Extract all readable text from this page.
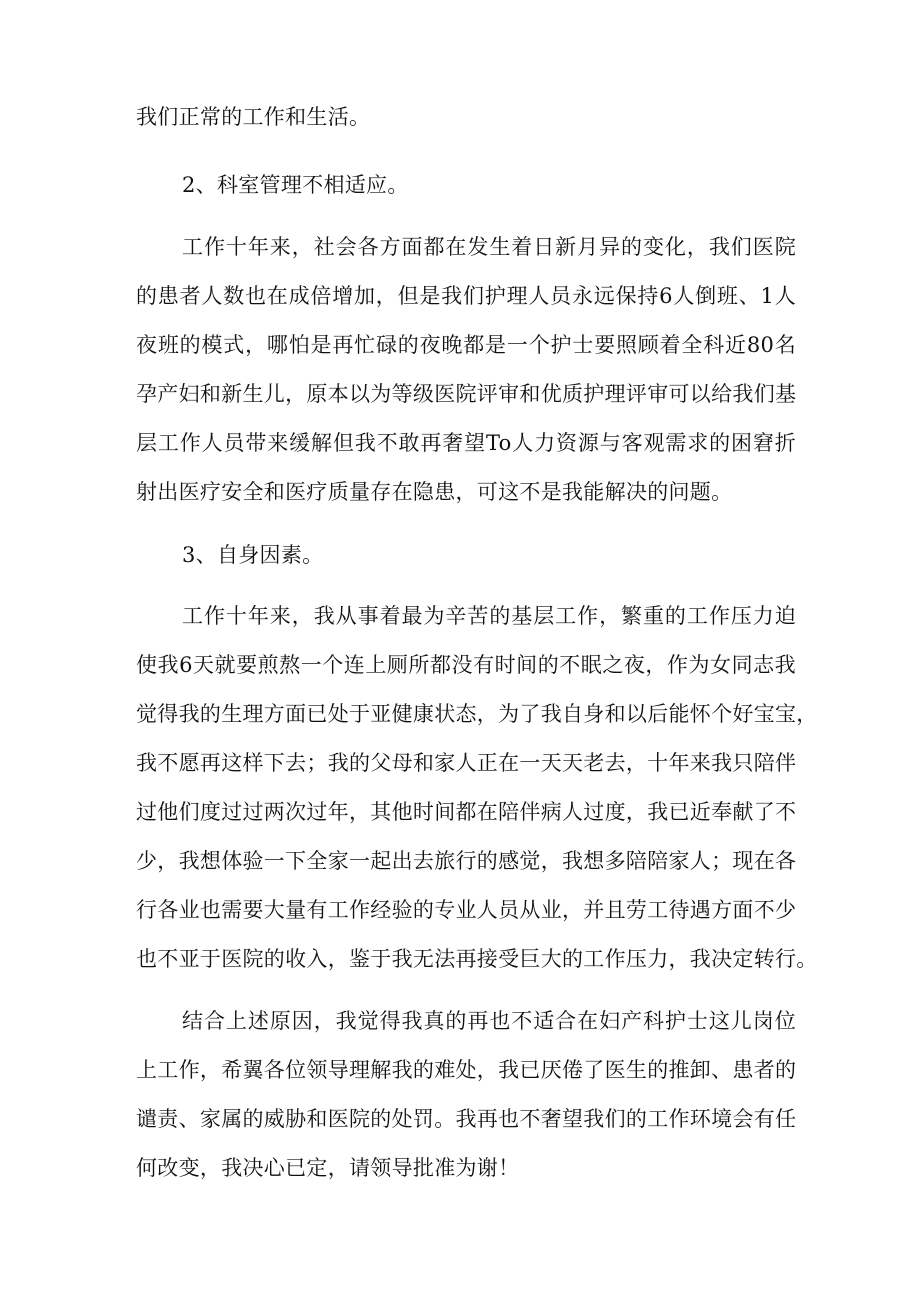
我们正常的工作和生活。
2、科室管理不相适应。
工作十年来，社会各方面都在发生着日新月异的变化，我们医院
的患者人数也在成倍增加，但是我们护理人员永远保持6人倒班、1人
夜班的模式，哪怕是再忙碌的夜晚都是一个护士要照顾着全科近80名
孕产妇和新生儿，原本以为等级医院评审和优质护理评审可以给我们基
层工作人员带来缓解但我不敢再奢望To人力资源与客观需求的困窘折
射出医疗安全和医疗质量存在隐患，可这不是我能解决的问题。
3、自身因素。
工作十年来，我从事着最为辛苦的基层工作，繁重的工作压力迫
使我6天就要煎熬一个连上厕所都没有时间的不眠之夜，作为女同志我
觉得我的生理方面已处于亚健康状态，为了我自身和以后能怀个好宝宝，
我不愿再这样下去；我的父母和家人正在一天天老去，十年来我只陪伴
过他们度过过两次过年，其他时间都在陪伴病人过度，我已近奉献了不
少，我想体验一下全家一起出去旅行的感觉，我想多陪陪家人；现在各
行各业也需要大量有工作经验的专业人员从业，并且劳工待遇方面不少
也不亚于医院的收入，鉴于我无法再接受巨大的工作压力，我决定转行。
结合上述原因，我觉得我真的再也不适合在妇产科护士这儿岗位
上工作，希翼各位领导理解我的难处，我已厌倦了医生的推卸、患者的
谴责、家属的威胁和医院的处罚。我再也不奢望我们的工作环境会有任
何改变，我决心已定，请领导批准为谢！
